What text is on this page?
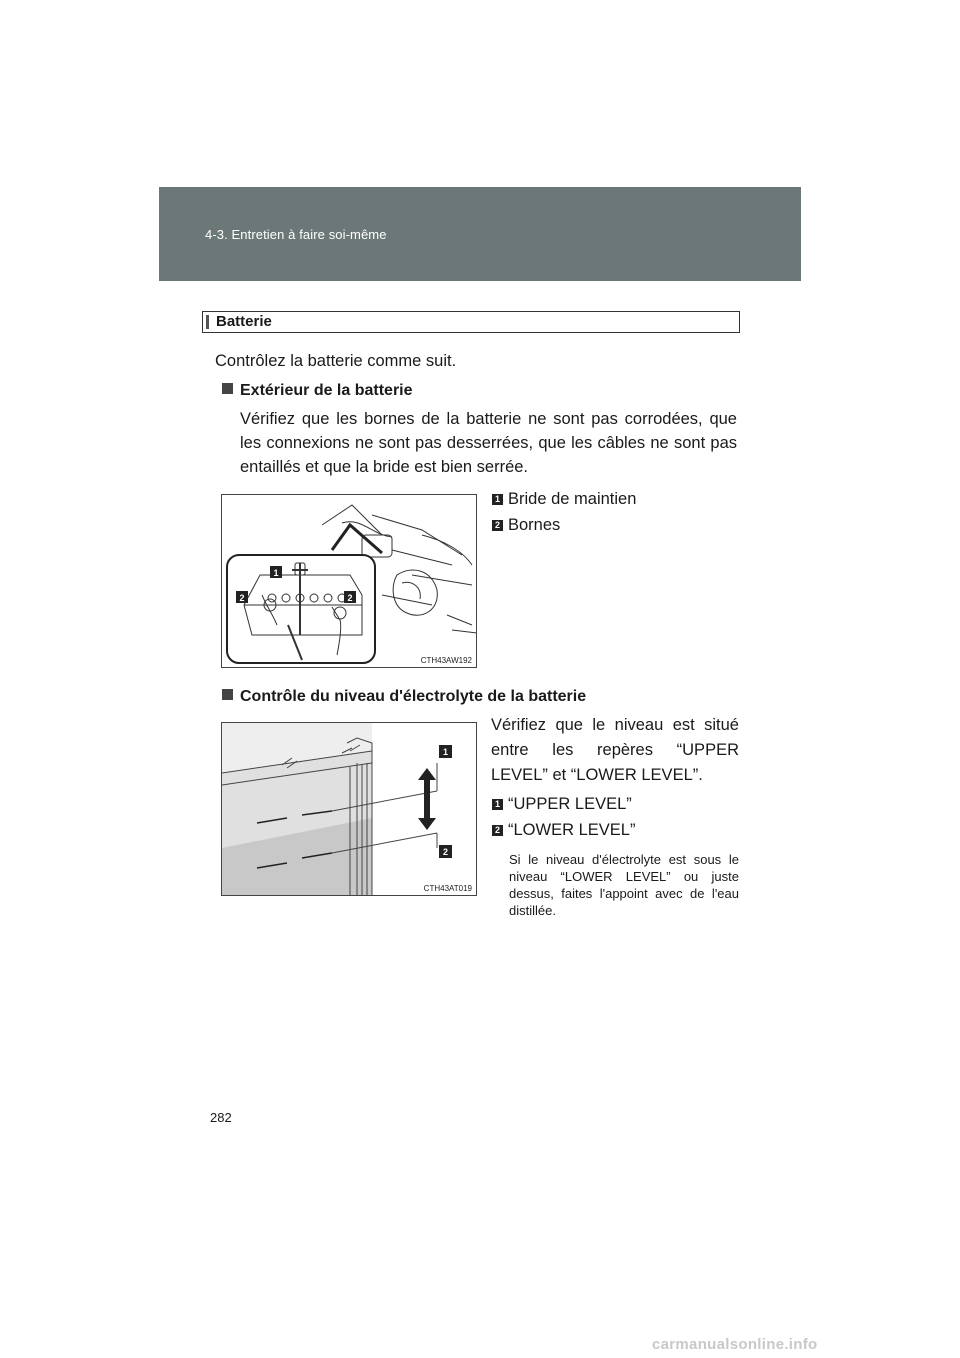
4-3. Entretien à faire soi-même
Batterie
Contrôlez la batterie comme suit.
Extérieur de la batterie
Vérifiez que les bornes de la batterie ne sont pas corrodées, que les connexions ne sont pas desserrées, que les câbles ne sont pas entaillés et que la bride est bien serrée.
1
2	2
CTH43AW192
1 Bride de maintien
2 Bornes
Contrôle du niveau d'électrolyte de la batterie
1
2
CTH43AT019
Vérifiez que le niveau est situé entre les repères “UPPER LEVEL” et “LOWER LEVEL”.
1 “UPPER LEVEL”
2 “LOWER LEVEL”
Si le niveau d'électrolyte est sous le niveau “LOWER LEVEL” ou juste dessus, faites l'appoint avec de l'eau distillée.
282
carmanualsonline.info
